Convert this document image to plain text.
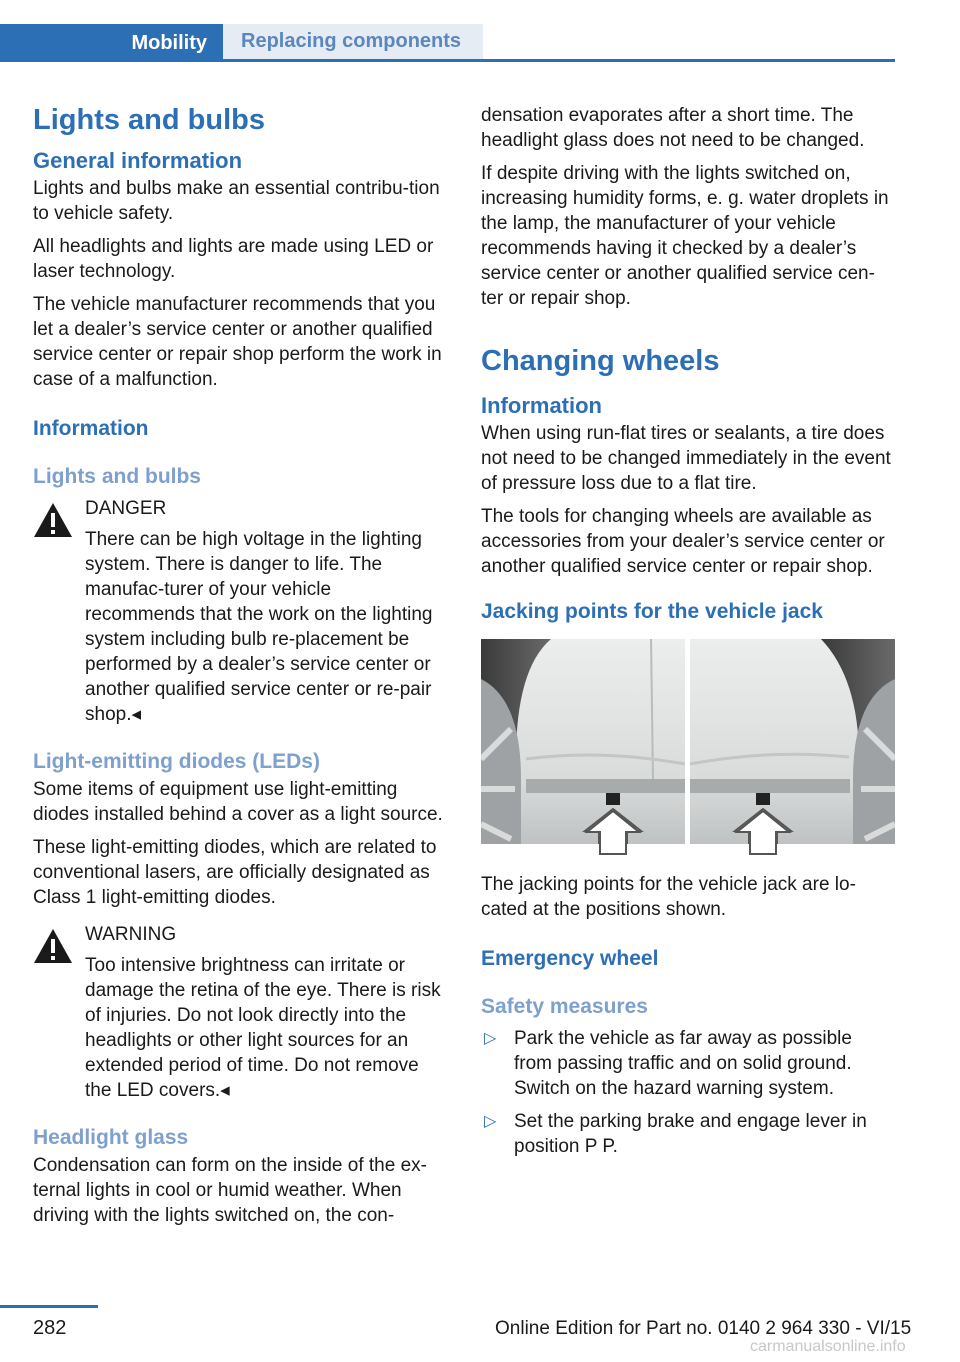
Mobility Replacing components
Lights and bulbs
General information

Lights and bulbs make an essential contribu-tion to vehicle safety.

All headlights and lights are made using LED or laser technology.

The vehicle manufacturer recommends that you let a dealer’s service center or another qualified service center or repair shop perform the work in case of a malfunction.

Information
Lights and bulbs

DANGER

There can be high voltage in the lighting system. There is danger to life. The manufac-turer of your vehicle recommends that the work on the lighting system including bulb re-placement be performed by a dealer’s service center or another qualified service center or re-pair shop.◂

Light-emitting diodes (LEDs)

Some items of equipment use light-emitting diodes installed behind a cover as a light source.

These light-emitting diodes, which are related to conventional lasers, are officially designated as Class 1 light-emitting diodes.

WARNING

Too intensive brightness can irritate or damage the retina of the eye. There is risk of injuries. Do not look directly into the headlights or other light sources for an extended period of time. Do not remove the LED covers.◂

Headlight glass

Condensation can form on the inside of the ex-ternal lights in cool or humid weather. When driving with the lights switched on, the con-

densation evaporates after a short time. The headlight glass does not need to be changed.

If despite driving with the lights switched on, increasing humidity forms, e. g. water droplets in the lamp, the manufacturer of your vehicle recommends having it checked by a dealer’s service center or another qualified service cen-ter or repair shop.

Changing wheels
Information

When using run-flat tires or sealants, a tire does not need to be changed immediately in the event of pressure loss due to a flat tire.

The tools for changing wheels are available as accessories from your dealer’s service center or another qualified service center or repair shop.

Jacking points for the vehicle jack

The jacking points for the vehicle jack are lo-cated at the positions shown.

Emergency wheel
Safety measures
▷ Park the vehicle as far away as possible from passing traffic and on solid ground. Switch on the hazard warning system.
▷ Set the parking brake and engage lever in position P P.
282	Online Edition for Part no. 0140 2 964 330 - VI/15
carmanualsonline.info
